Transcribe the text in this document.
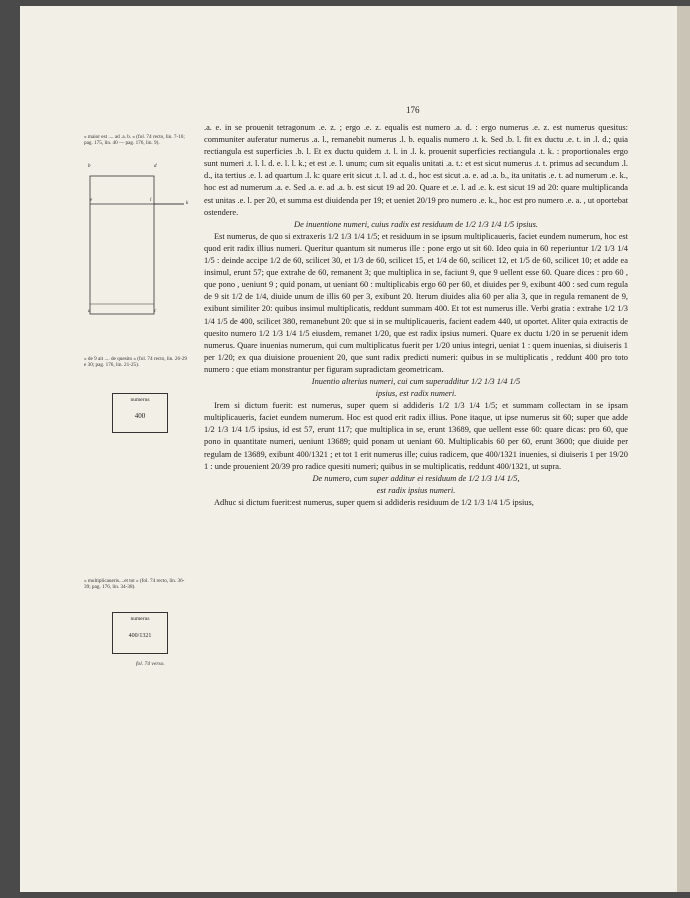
176
« maior est .... ad .a. b. » (fol. 74 recto, lin. 7-16; pag. 175, lin. 40 — pag. 176, lin. 9).
b	d
e	l
k
a	c
« de 9 ait .... de quesito » (fol. 74 recto, lin. 26-29 e 30; pag. 176, lin. 21-25).
numerus
400
« multiplicaueris....et tot » (fol. 74 recto, lin. 36-39; pag. 176, lin. 34-38).
numerus
400/1321
fol. 74 verso.

.a. e. in se prouenit tetragonum .e. z. ; ergo .e. z. equalis est numero .a. d. : ergo numerus .e. z. est numerus quesitus: communiter auferatur numerus .a. l., remanebit numerus .l. b. equalis numero .t. k. Sed .b. l. fit ex ductu .e. t. in .l. d.; quia rectiangula est superficies .b. l. Et ex ductu quidem .t. l. in .l. k. prouenit superficies rectiangula .t. k. : proportionales ergo sunt numeri .t. l. l. d. e. l. l. k.; et est .e. l. unum; cum sit equalis unitati .a. t.: et est sicut numerus .t. t. primus ad secundum .l. d., ita tertius .e. l. ad quartum .l. k: quare erit sicut .t. l. ad .t. d., hoc est sicut .a. e. ad .a. b., ita unitatis .e. t. ad numerum .e. k., hoc est ad numerum .a. e. Sed .a. e. ad .a. b. est sicut 19 ad 20. Quare et .e. l. ad .e. k. est sicut 19 ad 20: quare multiplicanda est unitas .e. l. per 20, et summa est diuidenda per 19; et ueniet 20/19 pro numero .e. k., hoc est pro numero .e. a. , ut oportebat ostendere.

De inuentione numeri, cuius radix est residuum de 1/2 1/3 1/4 1/5 ipsius.

Est numerus, de quo si extraxeris 1/2 1/3 1/4 1/5; et residuum in se ipsum multiplicaueris, faciet eundem numerum, hoc est quod erit radix illius numeri. Queritur quantum sit numerus ille : pone ergo ut sit 60. Ideo quia in 60 reperiuntur 1/2 1/3 1/4 1/5 : deinde accipe 1/2 de 60, scilicet 30, et 1/3 de 60, scilicet 15, et 1/4 de 60, scilicet 12, et 1/5 de 60, scilicet 10; et adde ea insimul, erunt 57; que extrahe de 60, remanent 3; que multiplica in se, faciunt 9, que 9 uellent esse 60. Quare dices : pro 60 , que pono , ueniunt 9 ; quid ponam, ut ueniant 60 : multiplicabis ergo 60 per 60, et diuides per 9, exibunt 400 : sed cum regula de 9 sit 1/2 de 1/4, diuide unum de illis 60 per 3, exibunt 20. Iterum diuides alia 60 per alia 3, que in regula remanent de 9, exibunt similiter 20: quibus insimul multiplicatis, reddunt summam 400. Et tot est numerus ille. Verbi gratia : extrahe 1/2 1/3 1/4 1/5 de 400, scilicet 380, remanebunt 20: que si in se multiplicaueris, facient eadem 440, ut oportet. Aliter quia extractis de quesito numero 1/2 1/3 1/4 1/5 eiusdem, remanet 1/20, que est radix ipsius numeri. Quare ex ductu 1/20 in se peruenit idem numerus. Quare inuenias numerum, qui cum multiplicatus fuerit per 1/20 unius integri, ueniat 1 : quem inuenias, si diuiseris 1 per 1/20; ex qua diuisione prouenient 20, que sunt radix predicti numeri: quibus in se multiplicatis , reddunt 400 pro toto numero : que etiam monstrantur per figuram supradictam geometricam.

Inuentio alterius numeri, cui cum superadditur 1/2 1/3 1/4 1/5

ipsius, est radix numeri.

Irem si dictum fuerit: est numerus, super quem si addideris 1/2 1/3 1/4 1/5; et summam collectam in se ipsam multiplicaueris, faciet eundem numerum. Hoc est quod erit radix illius. Pone itaque, ut ipse numerus sit 60; super que adde 1/2 1/3 1/4 1/5 ipsius, id est 57, erunt 117; que multiplica in se, erunt 13689, que uellent esse 60: quare dicas: pro 60, que pono in quantitate numeri, ueniunt 13689; quid ponam ut ueniant 60. Multiplicabis 60 per 60, erunt 3600; que diuide per regulam de 13689, exibunt 400/1321 ; et tot 1 erit numerus ille; cuius radicem, que 400/1321 inuenies, si diuiseris 1 per 19/20 1 : unde prouenient 20/39 pro radice quesiti numeri; quibus in se multiplicatis, reddunt 400/1321, ut supra.

De numero, cum super additur ei residuum de 1/2 1/3 1/4 1/5,

est radix ipsius numeri.

Adhuc si dictum fuerit:est numerus, super quem si addideris residuum de 1/2 1/3 1/4 1/5 ipsius,
